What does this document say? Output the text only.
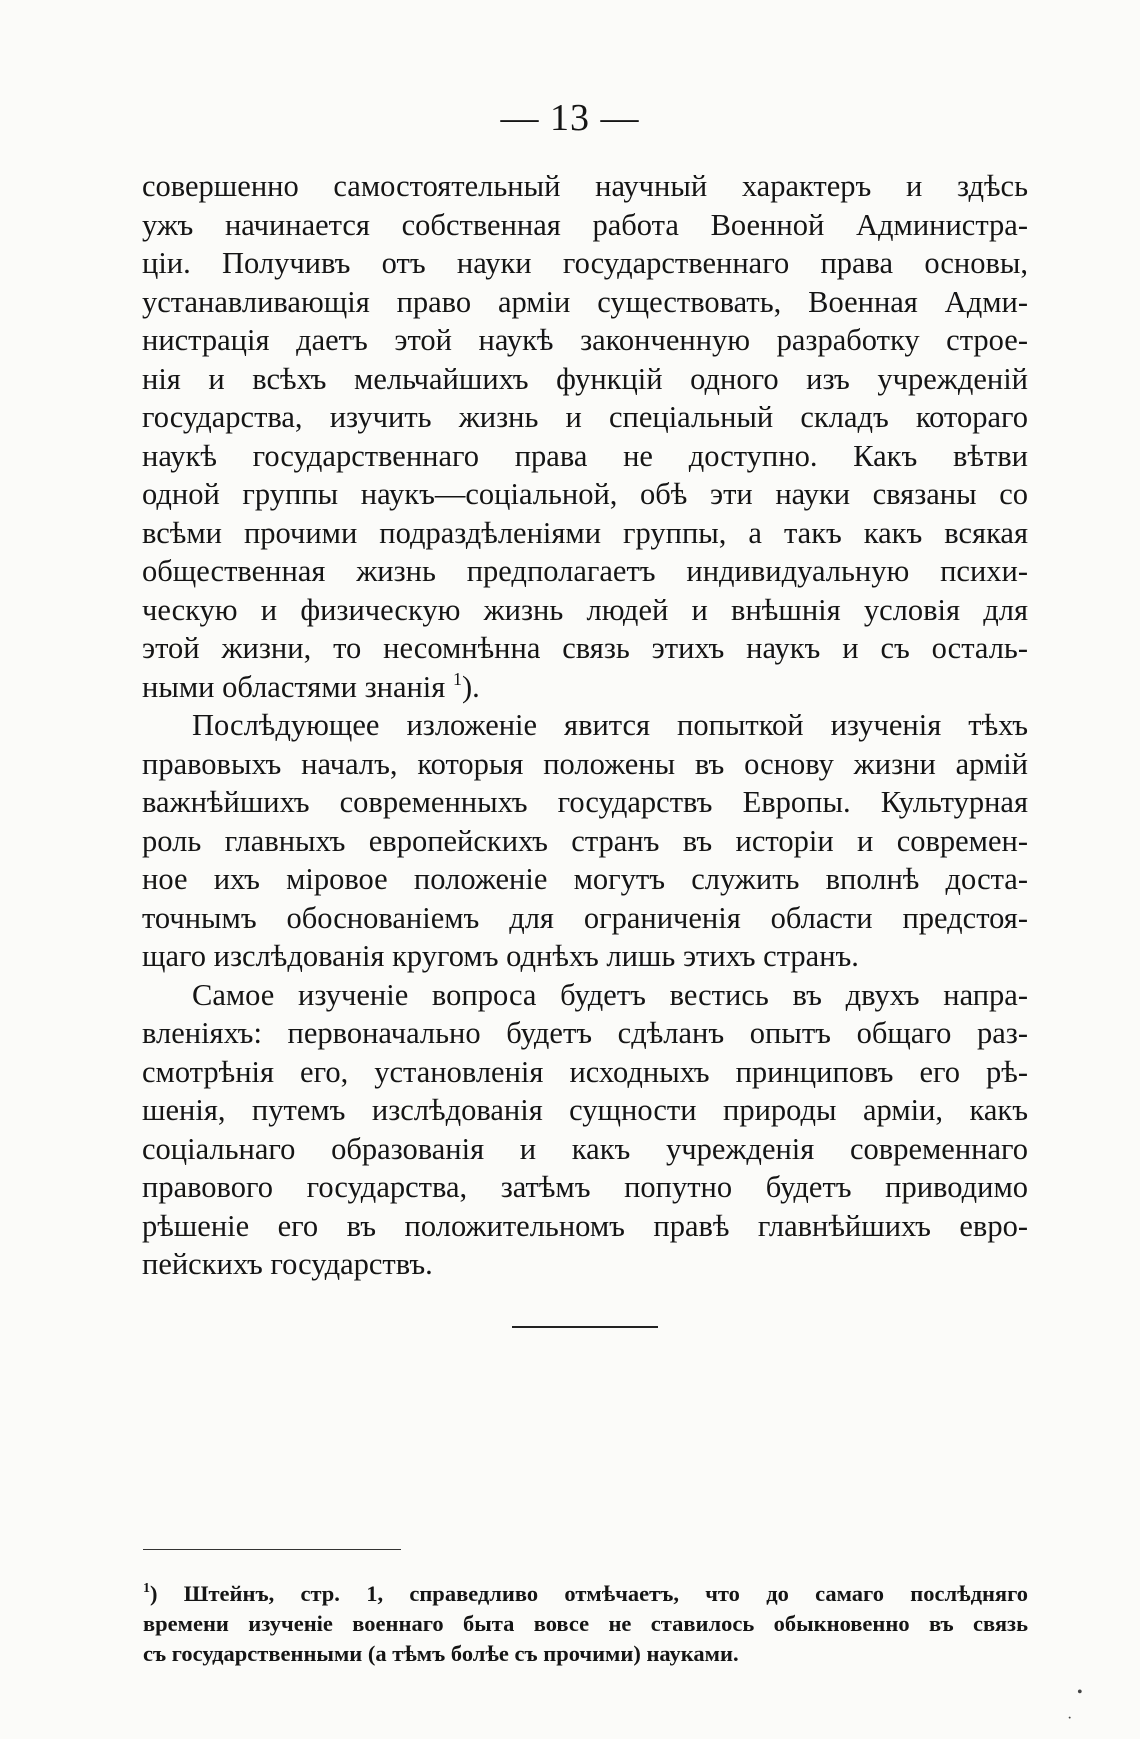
— 13 —
совершенно самостоятельный научный характеръ и здѣсь
ужъ начинается собственная работа Военной Администра-
ціи. Получивъ отъ науки государственнаго права основы,
устанавливающія право арміи существовать, Военная Адми-
нистрація даетъ этой наукѣ законченную разработку строе-
нія и всѣхъ мельчайшихъ функцій одного изъ учрежденій
государства, изучить жизнь и спеціальный складъ котораго
наукѣ государственнаго права не доступно. Какъ вѣтви
одной группы наукъ—соціальной, обѣ эти науки связаны со
всѣми прочими подраздѣленіями группы, а такъ какъ всякая
общественная жизнь предполагаетъ индивидуальную психи-
ческую и физическую жизнь людей и внѣшнія условія для
этой жизни, то несомнѣнна связь этихъ наукъ и съ осталь-
ными областями знанія $^1$).
Послѣдующее изложеніе явится попыткой изученія тѣхъ
правовыхъ началъ, которыя положены въ основу жизни армій
важнѣйшихъ современныхъ государствъ Европы. Культурная
роль главныхъ европейскихъ странъ въ исторіи и современ-
ное ихъ міровое положеніе могутъ служить вполнѣ доста-
точнымъ обоснованіемъ для ограниченія области предстоя-
щаго изслѣдованія кругомъ однѣхъ лишь этихъ странъ.
Самое изученіе вопроса будетъ вестись въ двухъ напра-
вленіяхъ: первоначально будетъ сдѣланъ опытъ общаго раз-
смотрѣнія его, установленія исходныхъ принциповъ его рѣ-
шенія, путемъ изслѣдованія сущности природы арміи, какъ
соціальнаго образованія и какъ учрежденія современнаго
правового государства, затѣмъ попутно будетъ приводимо
рѣшеніе его въ положительномъ правѣ главнѣйшихъ евро-
пейскихъ государствъ.
$^1$) Штейнъ, стр. 1, справедливо отмѣчаетъ, что до самаго послѣдняго
времени изученіе военнаго быта вовсе не ставилось обыкновенно въ связь
съ государственными (а тѣмъ болѣе съ прочими) науками.
•
·
